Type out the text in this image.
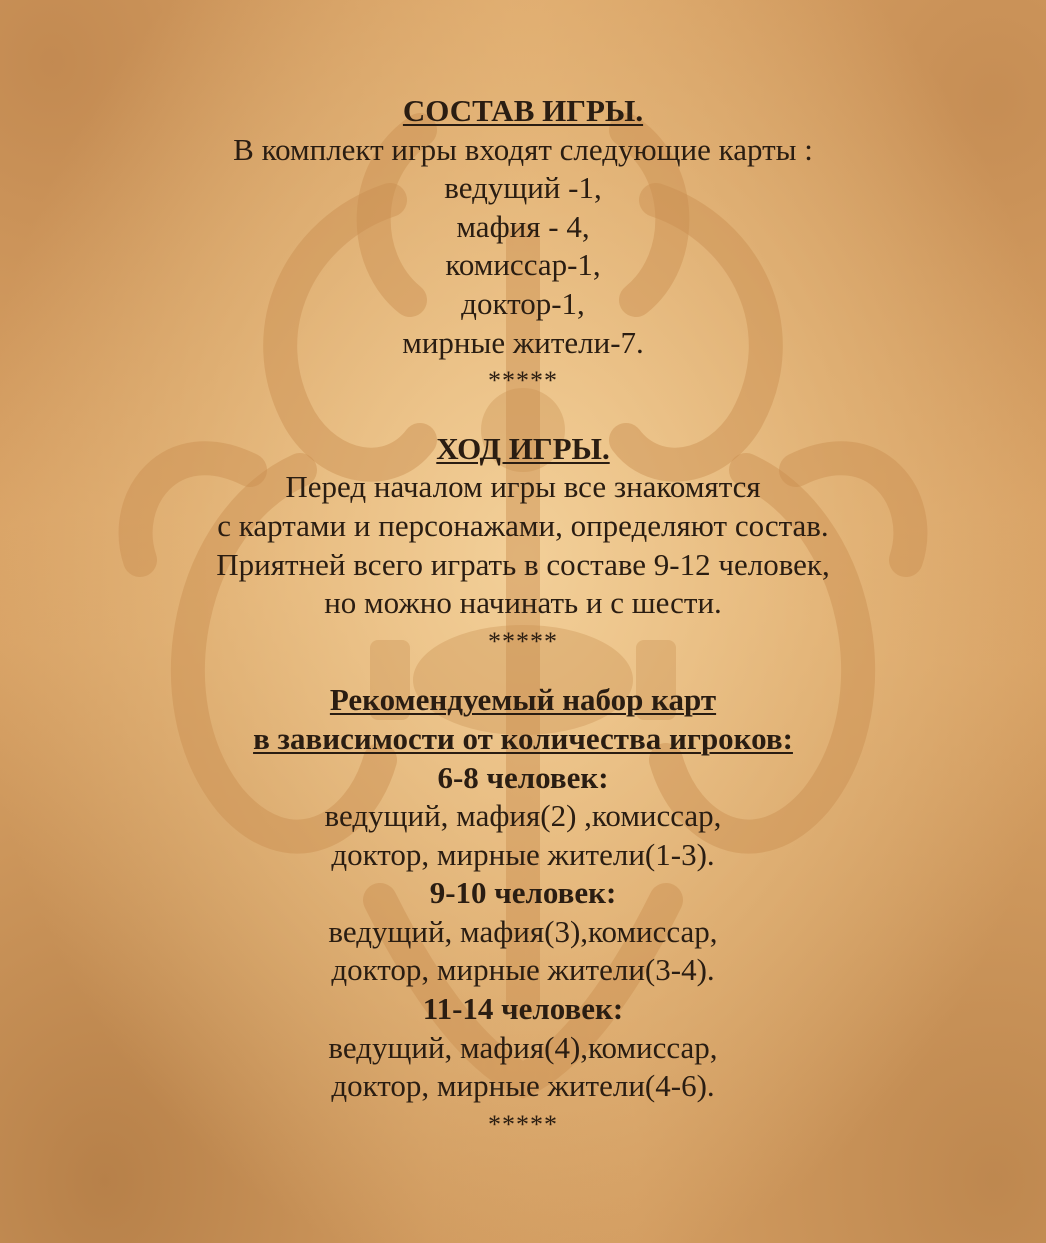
СОСТАВ ИГРЫ.
В комплект игры входят следующие карты :
ведущий -1,
мафия - 4,
комиссар-1,
доктор-1,
мирные жители-7.
*****
ХОД ИГРЫ.
Перед началом игры все знакомятся
с картами и персонажами, определяют состав.
Приятней всего играть в составе 9-12 человек,
но можно начинать и с шести.
*****
Рекомендуемый набор карт
в зависимости от количества игроков:
6-8 человек:
ведущий, мафия(2) ,комиссар,
доктор, мирные жители(1-3).
9-10 человек:
ведущий, мафия(3),комиссар,
доктор, мирные жители(3-4).
11-14 человек:
ведущий, мафия(4),комиссар,
доктор, мирные жители(4-6).
*****
